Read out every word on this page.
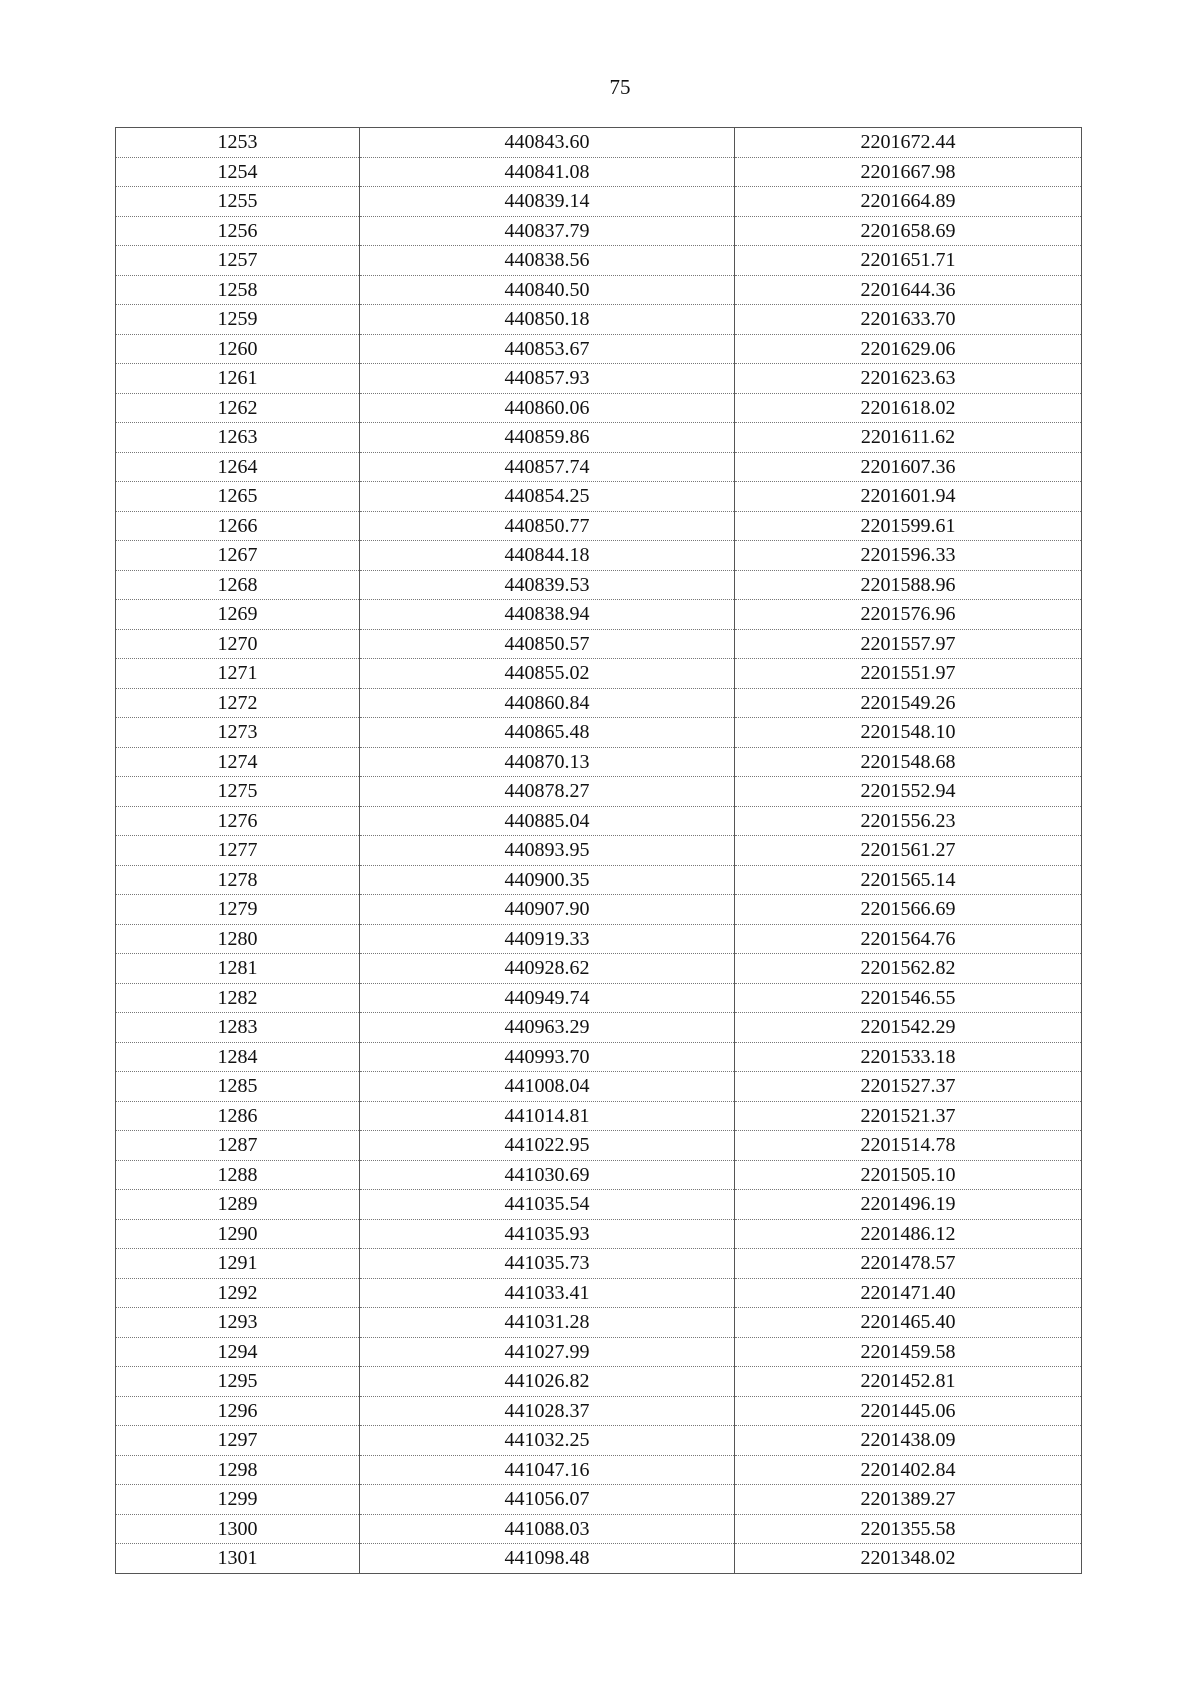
75
1253	440843.60	2201672.44
1254	440841.08	2201667.98
1255	440839.14	2201664.89
1256	440837.79	2201658.69
1257	440838.56	2201651.71
1258	440840.50	2201644.36
1259	440850.18	2201633.70
1260	440853.67	2201629.06
1261	440857.93	2201623.63
1262	440860.06	2201618.02
1263	440859.86	2201611.62
1264	440857.74	2201607.36
1265	440854.25	2201601.94
1266	440850.77	2201599.61
1267	440844.18	2201596.33
1268	440839.53	2201588.96
1269	440838.94	2201576.96
1270	440850.57	2201557.97
1271	440855.02	2201551.97
1272	440860.84	2201549.26
1273	440865.48	2201548.10
1274	440870.13	2201548.68
1275	440878.27	2201552.94
1276	440885.04	2201556.23
1277	440893.95	2201561.27
1278	440900.35	2201565.14
1279	440907.90	2201566.69
1280	440919.33	2201564.76
1281	440928.62	2201562.82
1282	440949.74	2201546.55
1283	440963.29	2201542.29
1284	440993.70	2201533.18
1285	441008.04	2201527.37
1286	441014.81	2201521.37
1287	441022.95	2201514.78
1288	441030.69	2201505.10
1289	441035.54	2201496.19
1290	441035.93	2201486.12
1291	441035.73	2201478.57
1292	441033.41	2201471.40
1293	441031.28	2201465.40
1294	441027.99	2201459.58
1295	441026.82	2201452.81
1296	441028.37	2201445.06
1297	441032.25	2201438.09
1298	441047.16	2201402.84
1299	441056.07	2201389.27
1300	441088.03	2201355.58
1301	441098.48	2201348.02
